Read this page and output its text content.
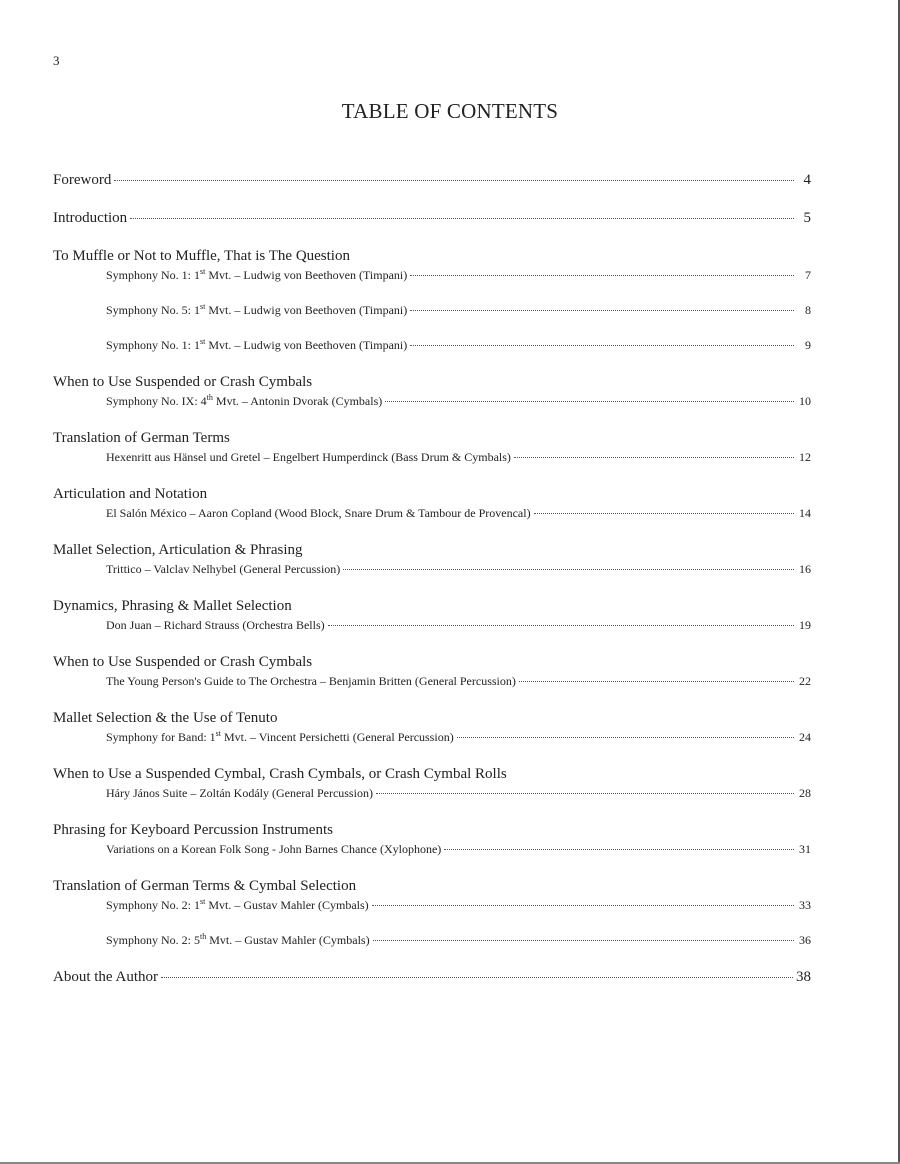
3
TABLE OF CONTENTS
Foreword	4
Introduction	5
To Muffle or Not to Muffle, That is The Question
Symphony No. 1: 1st Mvt. – Ludwig von Beethoven (Timpani)	7
Symphony No. 5: 1st Mvt. – Ludwig von Beethoven (Timpani)	8
Symphony No. 1: 1st Mvt. – Ludwig von Beethoven (Timpani)	9
When to Use Suspended or Crash Cymbals
Symphony No. IX: 4th Mvt. – Antonin Dvorak (Cymbals)	10
Translation of German Terms
Hexenritt aus Hänsel und Gretel – Engelbert Humperdinck (Bass Drum & Cymbals)	12
Articulation and Notation
El Salón México – Aaron Copland (Wood Block, Snare Drum & Tambour de Provencal)	14
Mallet Selection, Articulation & Phrasing
Trittico – Valclav Nelhybel (General Percussion)	16
Dynamics, Phrasing & Mallet Selection
Don Juan – Richard Strauss (Orchestra Bells)	19
When to Use Suspended or Crash Cymbals
The Young Person's Guide to The Orchestra – Benjamin Britten (General Percussion)	22
Mallet Selection & the Use of Tenuto
Symphony for Band: 1st Mvt. – Vincent Persichetti (General Percussion)	24
When to Use a Suspended Cymbal, Crash Cymbals, or Crash Cymbal Rolls
Háry János Suite – Zoltán Kodály (General Percussion)	28
Phrasing for Keyboard Percussion Instruments
Variations on a Korean Folk Song - John Barnes Chance (Xylophone)	31
Translation of German Terms & Cymbal Selection
Symphony No. 2: 1st Mvt. – Gustav Mahler (Cymbals)	33
Symphony No. 2: 5th Mvt. – Gustav Mahler (Cymbals)	36
About the Author	38
